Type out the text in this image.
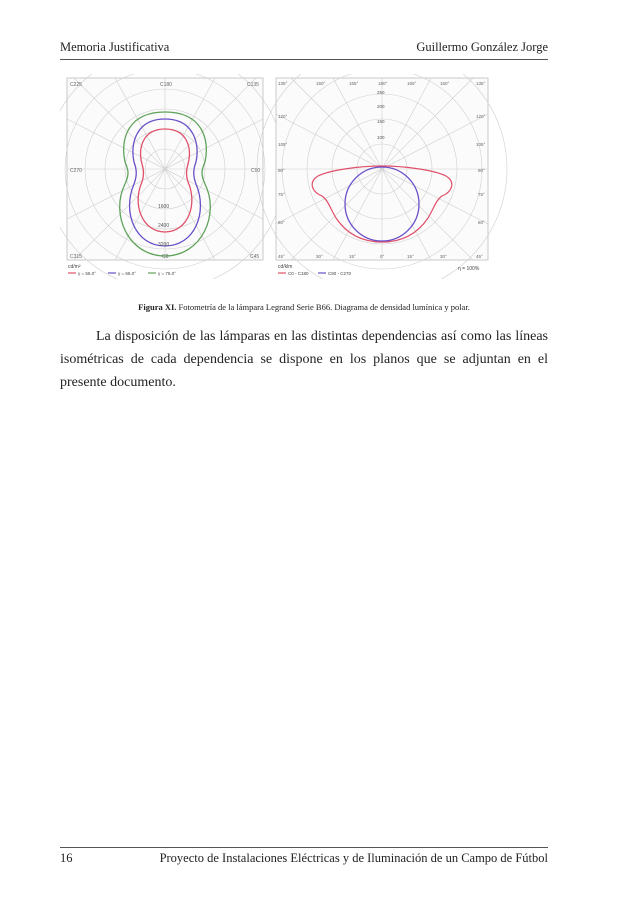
Memoria Justificativa	Guillermo González Jorge
C225	C180	C135
C270	C90
C315	C0	C45
1600
2400
3200
cd/m²
γ = 55.0°	γ = 65.0°	γ = 75.0°
135°	150°	165°	180°	165°	150°	135°
120°
105°
90°
75°
60°
45°
120°
105°
90°
75°
60°
30°	15°	0°	15°	30°	45°
250
200
150
100
cd/klm
C0 - C180	C90 - C270
η = 100%
Figura XI. Fotometría de la lámpara Legrand Serie B66. Diagrama de densidad lumínica y polar.
La disposición de las lámparas en las distintas dependencias así como las líneas isométricas de cada dependencia se dispone en los planos que se adjuntan en el presente documento.
16	Proyecto de Instalaciones Eléctricas y de Iluminación de un Campo de Fútbol
